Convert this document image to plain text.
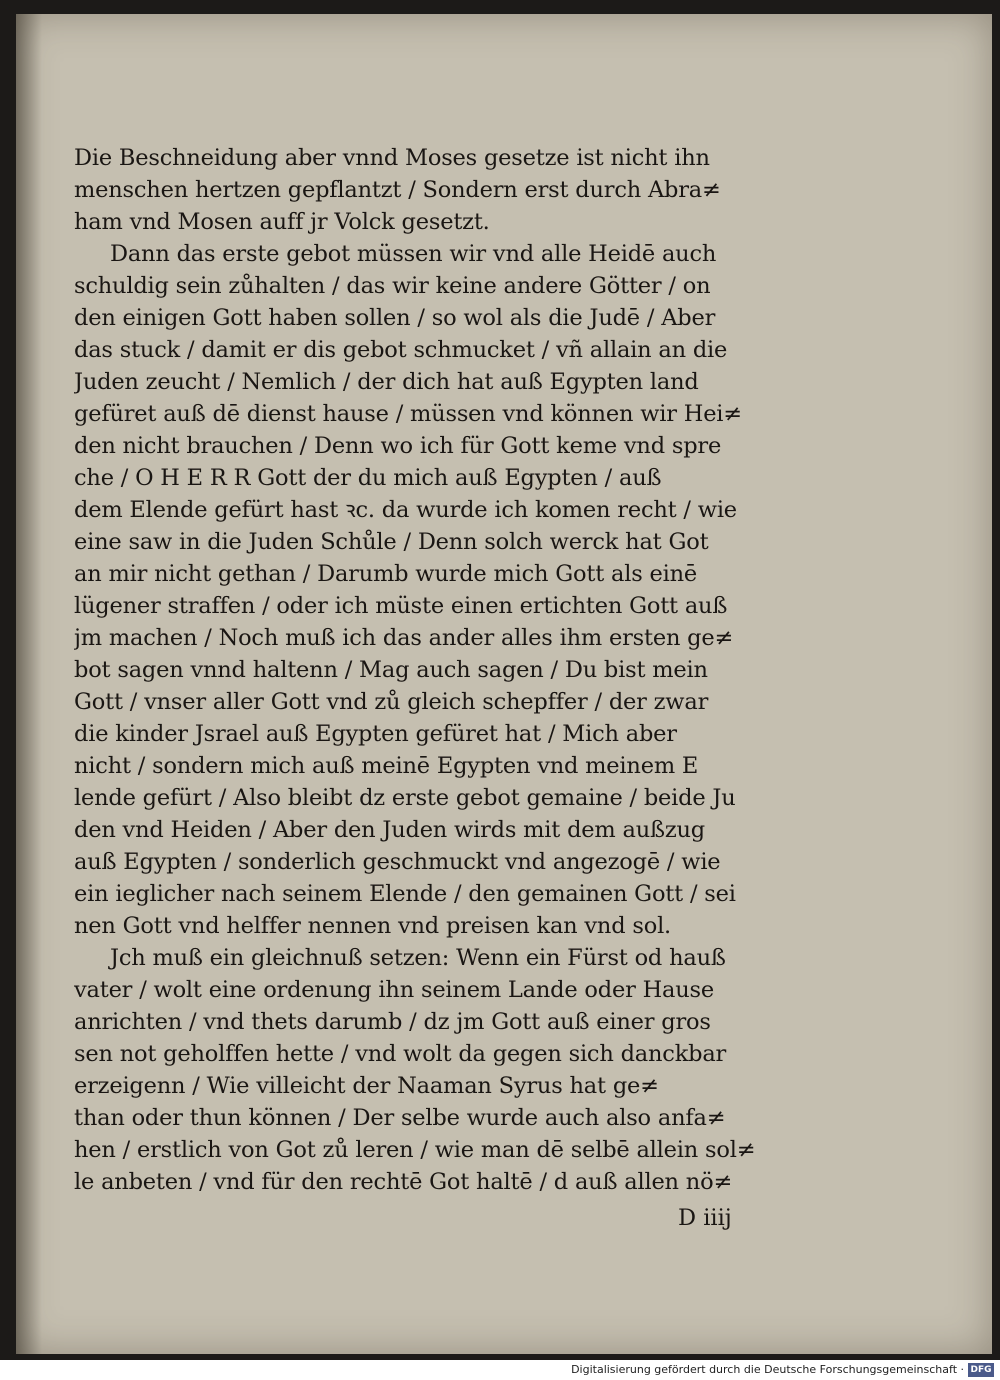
Die Beschneidung aber vnnd Moses gesetze ist nicht ihn
menschen hertzen gepflantzt / Sondern erst durch Abra≠
ham vnd Mosen auff jr Volck gesetzt.
Dann das erste gebot müssen wir vnd alle Heidē auch
schuldig sein zůhalten / das wir keine andere Götter / on
den einigen Gott haben sollen / so wol als die Judē / Aber
das stuck / damit er dis gebot schmucket / vñ allain an die
Juden zeucht / Nemlich / der dich hat auß Egypten land
gefüret auß dē dienst hause / müssen vnd können wir Hei≠
den nicht brauchen / Denn wo ich für Gott keme vnd spre
che / O H E R R Gott der du mich auß Egypten / auß
dem Elende gefürt hast ꝛc. da wurde ich komen recht / wie
eine saw in die Juden Schůle / Denn solch werck hat Got
an mir nicht gethan / Darumb wurde mich Gott als einē
lügener straffen / oder ich müste einen ertichten Gott auß
jm machen / Noch muß ich das ander alles ihm ersten ge≠
bot sagen vnnd haltenn / Mag auch sagen / Du bist mein
Gott / vnser aller Gott vnd zů gleich schepffer / der zwar
die kinder Jsrael auß Egypten gefüret hat / Mich aber
nicht / sondern mich auß meinē Egypten vnd meinem E
lende gefürt / Also bleibt dz erste gebot gemaine / beide Ju
den vnd Heiden / Aber den Juden wirds mit dem außzug
auß Egypten / sonderlich geschmuckt vnd angezogē / wie
ein ieglicher nach seinem Elende / den gemainen Gott / sei
nen Gott vnd helffer nennen vnd preisen kan vnd sol.
Jch muß ein gleichnuß setzen: Wenn ein Fürst od hauß
vater / wolt eine ordenung ihn seinem Lande oder Hause
anrichten / vnd thets darumb / dz jm Gott auß einer gros
sen not geholffen hette / vnd wolt da gegen sich danckbar
erzeigenn / Wie villeicht der Naaman Syrus hat ge≠
than oder thun können / Der selbe wurde auch also anfa≠
hen / erstlich von Got zů leren / wie man dē selbē allein sol≠
le anbeten / vnd für den rechtē Got haltē / d auß allen nö≠
D iiij
Digitalisierung gefördert durch die Deutsche Forschungsgemeinschaft · DFG
